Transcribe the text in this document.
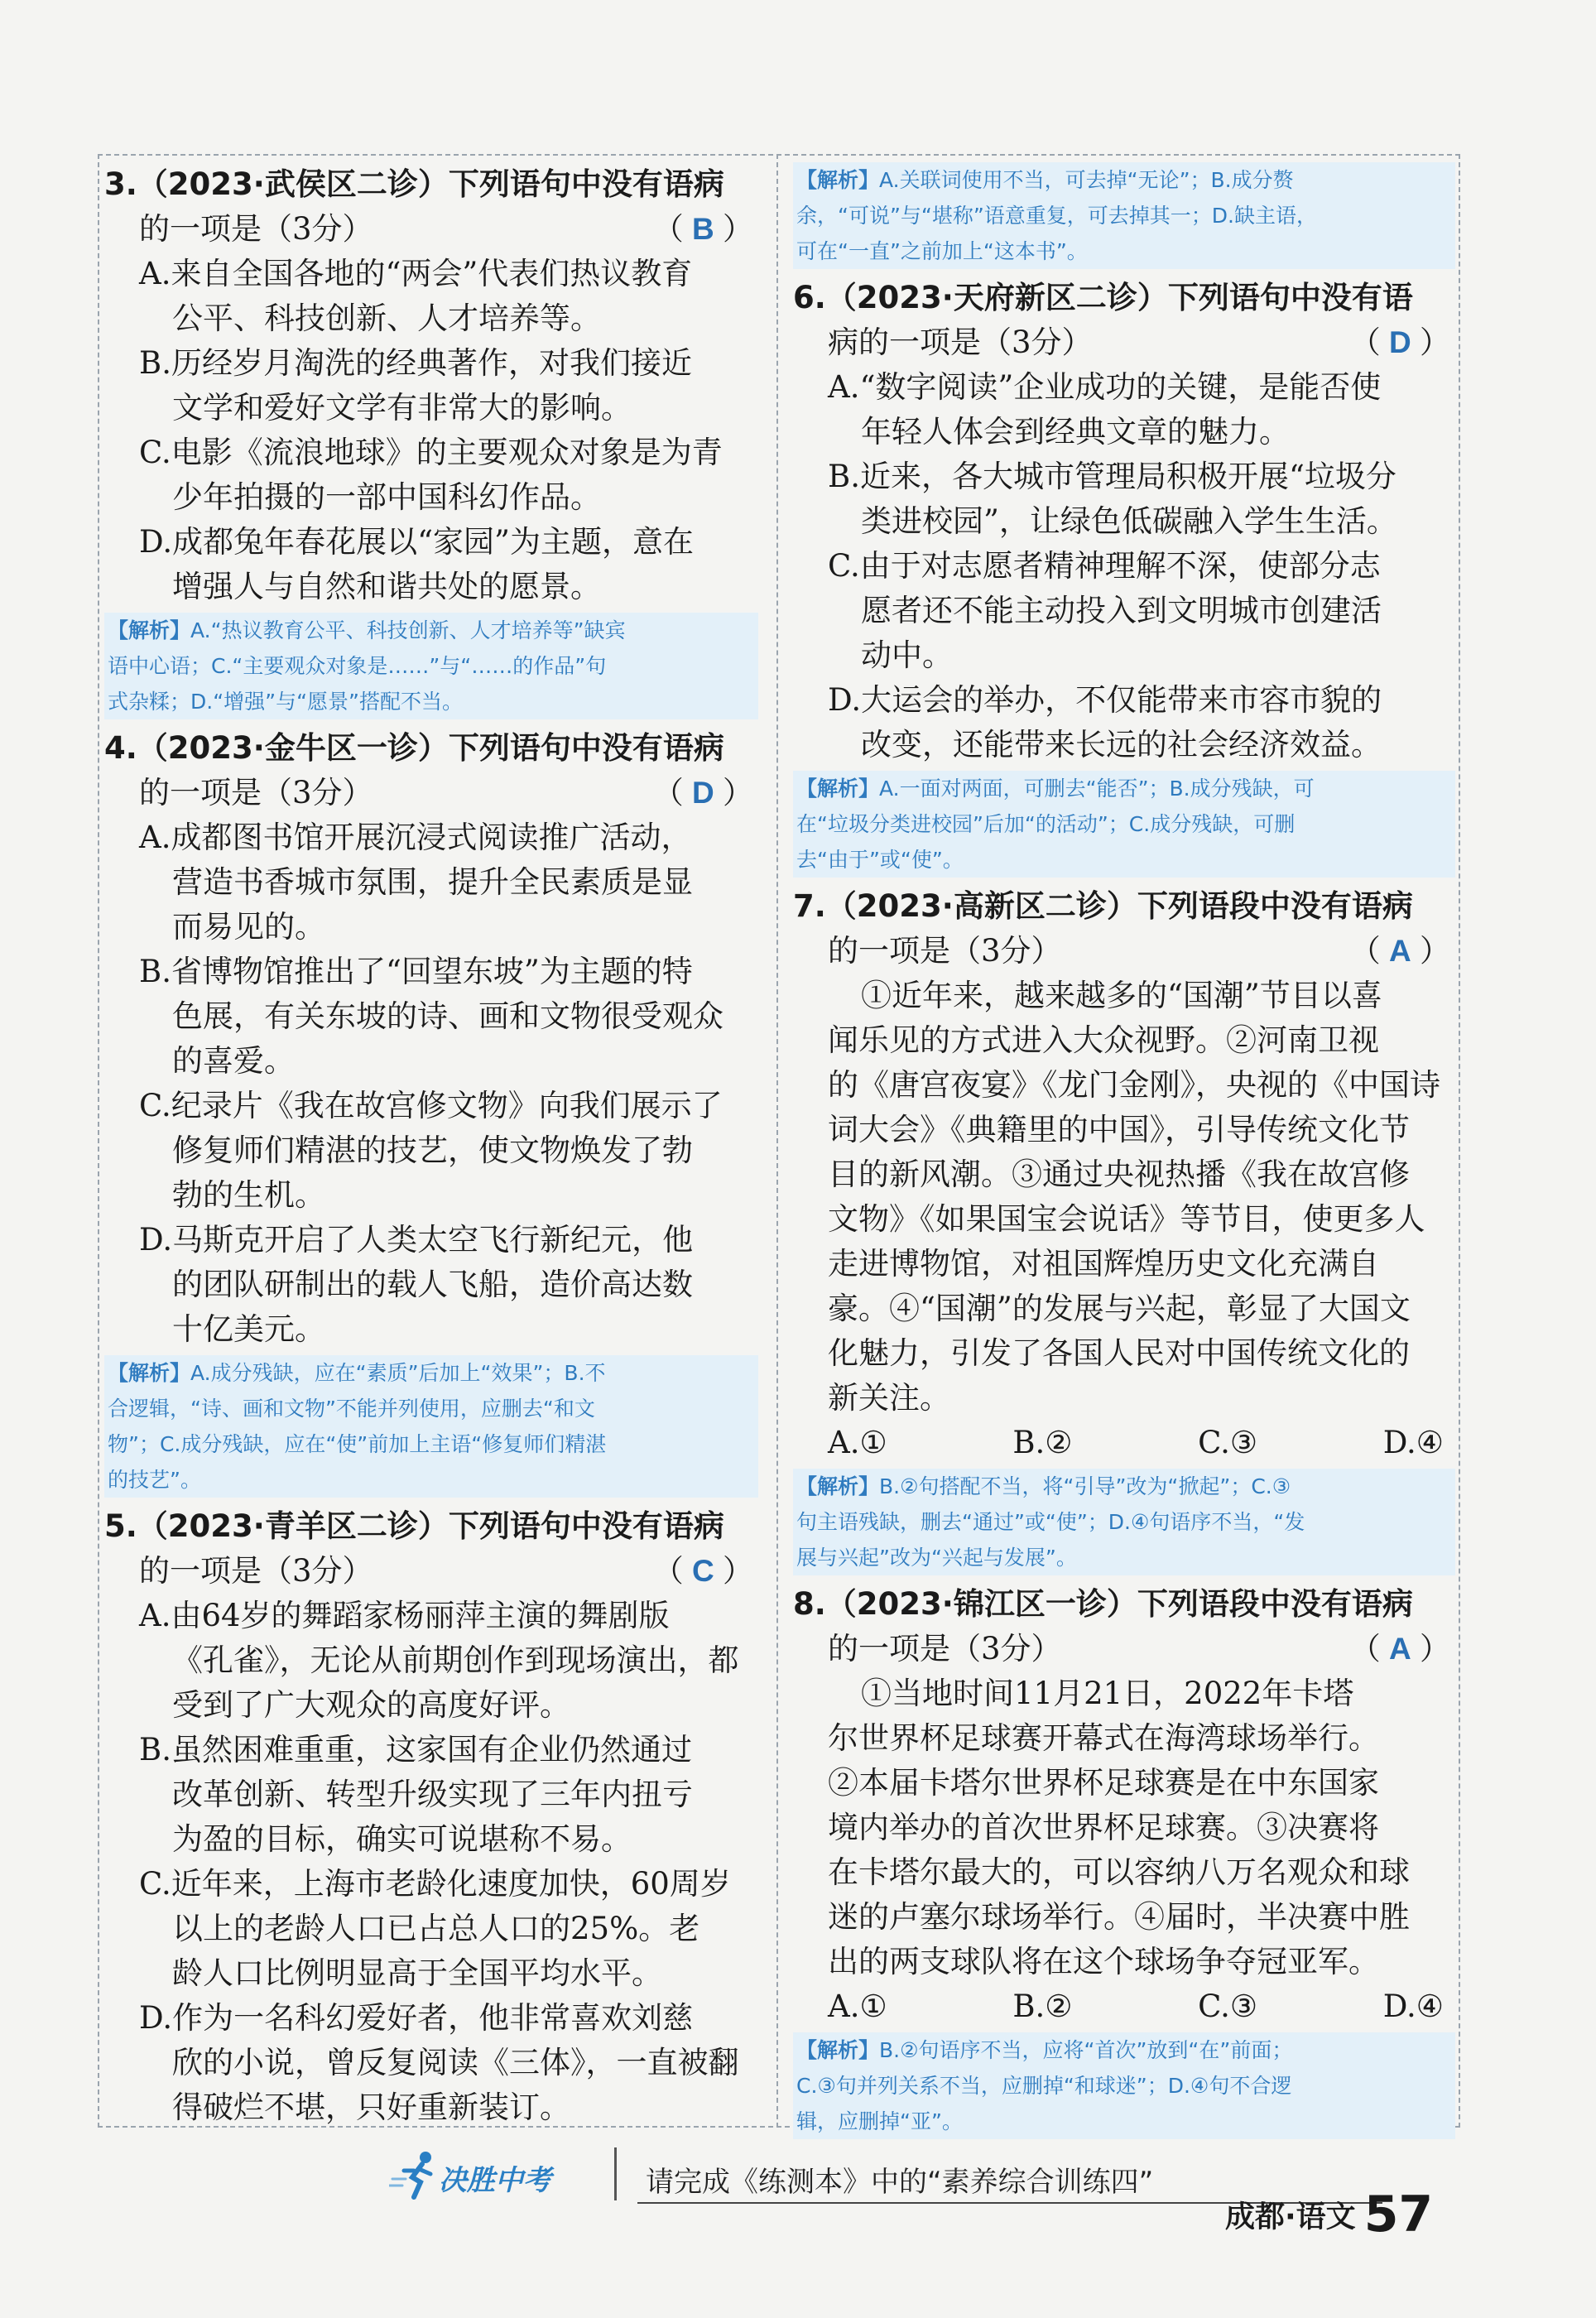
3.（2023·武侯区二诊）下列语句中没有语病
的一项是（3分）	（ B ）
A.来自全国各地的“两会”代表们热议教育
公平、科技创新、人才培养等。
B.历经岁月淘洗的经典著作，对我们接近
文学和爱好文学有非常大的影响。
C.电影《流浪地球》的主要观众对象是为青
少年拍摄的一部中国科幻作品。
D.成都兔年春花展以“家园”为主题，意在
增强人与自然和谐共处的愿景。
【解析】A.“热议教育公平、科技创新、人才培养等”缺宾
语中心语；C.“主要观众对象是……”与“……的作品”句
式杂糅；D.“增强”与“愿景”搭配不当。
4.（2023·金牛区一诊）下列语句中没有语病
的一项是（3分）	（ D ）
A.成都图书馆开展沉浸式阅读推广活动，
营造书香城市氛围，提升全民素质是显
而易见的。
B.省博物馆推出了“回望东坡”为主题的特
色展，有关东坡的诗、画和文物很受观众
的喜爱。
C.纪录片《我在故宫修文物》向我们展示了
修复师们精湛的技艺，使文物焕发了勃
勃的生机。
D.马斯克开启了人类太空飞行新纪元，他
的团队研制出的载人飞船，造价高达数
十亿美元。
【解析】A.成分残缺，应在“素质”后加上“效果”；B.不
合逻辑，“诗、画和文物”不能并列使用，应删去“和文
物”；C.成分残缺，应在“使”前加上主语“修复师们精湛
的技艺”。
5.（2023·青羊区二诊）下列语句中没有语病
的一项是（3分）	（ C ）
A.由64岁的舞蹈家杨丽萍主演的舞剧版
《孔雀》，无论从前期创作到现场演出，都
受到了广大观众的高度好评。
B.虽然困难重重，这家国有企业仍然通过
改革创新、转型升级实现了三年内扭亏
为盈的目标，确实可说堪称不易。
C.近年来，上海市老龄化速度加快，60周岁
以上的老龄人口已占总人口的25%。老
龄人口比例明显高于全国平均水平。
D.作为一名科幻爱好者，他非常喜欢刘慈
欣的小说，曾反复阅读《三体》，一直被翻
得破烂不堪，只好重新装订。
【解析】A.关联词使用不当，可去掉“无论”；B.成分赘
余，“可说”与“堪称”语意重复，可去掉其一；D.缺主语，
可在“一直”之前加上“这本书”。
6.（2023·天府新区二诊）下列语句中没有语
病的一项是（3分）	（ D ）
A.“数字阅读”企业成功的关键，是能否使
年轻人体会到经典文章的魅力。
B.近来，各大城市管理局积极开展“垃圾分
类进校园”，让绿色低碳融入学生生活。
C.由于对志愿者精神理解不深，使部分志
愿者还不能主动投入到文明城市创建活
动中。
D.大运会的举办，不仅能带来市容市貌的
改变，还能带来长远的社会经济效益。
【解析】A.一面对两面，可删去“能否”；B.成分残缺，可
在“垃圾分类进校园”后加“的活动”；C.成分残缺，可删
去“由于”或“使”。
7.（2023·高新区二诊）下列语段中没有语病
的一项是（3分）	（ A ）
①近年来，越来越多的“国潮”节目以喜
闻乐见的方式进入大众视野。②河南卫视
的《唐宫夜宴》《龙门金刚》，央视的《中国诗
词大会》《典籍里的中国》，引导传统文化节
目的新风潮。③通过央视热播《我在故宫修
文物》《如果国宝会说话》等节目，使更多人
走进博物馆，对祖国辉煌历史文化充满自
豪。④“国潮”的发展与兴起，彰显了大国文
化魅力，引发了各国人民对中国传统文化的
新关注。
A.①	B.②	C.③	D.④
【解析】B.②句搭配不当，将“引导”改为“掀起”；C.③
句主语残缺，删去“通过”或“使”；D.④句语序不当，“发
展与兴起”改为“兴起与发展”。
8.（2023·锦江区一诊）下列语段中没有语病
的一项是（3分）	（ A ）
①当地时间11月21日，2022年卡塔
尔世界杯足球赛开幕式在海湾球场举行。
②本届卡塔尔世界杯足球赛是在中东国家
境内举办的首次世界杯足球赛。③决赛将
在卡塔尔最大的，可以容纳八万名观众和球
迷的卢塞尔球场举行。④届时，半决赛中胜
出的两支球队将在这个球场争夺冠亚军。
A.①	B.②	C.③	D.④
【解析】B.②句语序不当，应将“首次”放到“在”前面；
C.③句并列关系不当，应删掉“和球迷”；D.④句不合逻
辑，应删掉“亚”。
决胜中考	请完成《练测本》中的“素养综合训练四”
成都·语文 57
